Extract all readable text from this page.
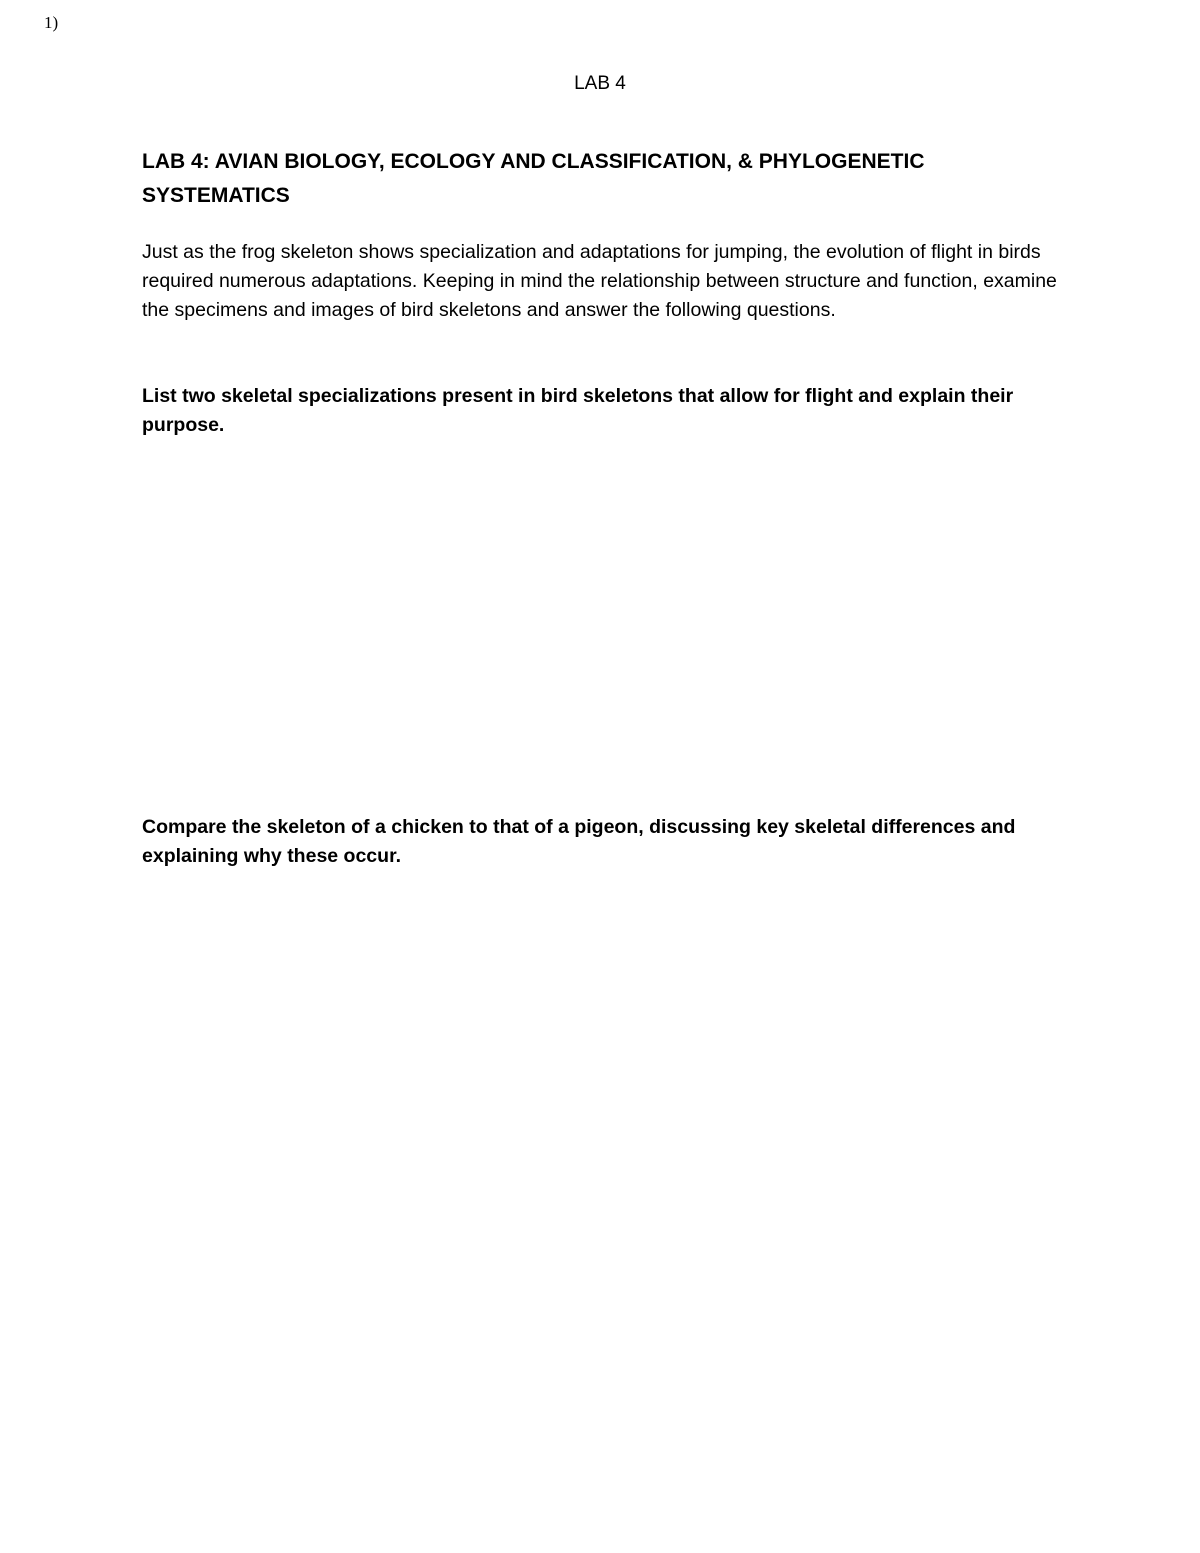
1)
LAB 4
LAB 4: AVIAN BIOLOGY, ECOLOGY AND CLASSIFICATION, & PHYLOGENETIC SYSTEMATICS

Just as the frog skeleton shows specialization and adaptations for jumping, the evolution of flight in birds required numerous adaptations. Keeping in mind the relationship between structure and function, examine the specimens and images of bird skeletons and answer the following questions.

List two skeletal specializations present in bird skeletons that allow for flight and explain their purpose.

Compare the skeleton of a chicken to that of a pigeon, discussing key skeletal differences and explaining why these occur.
